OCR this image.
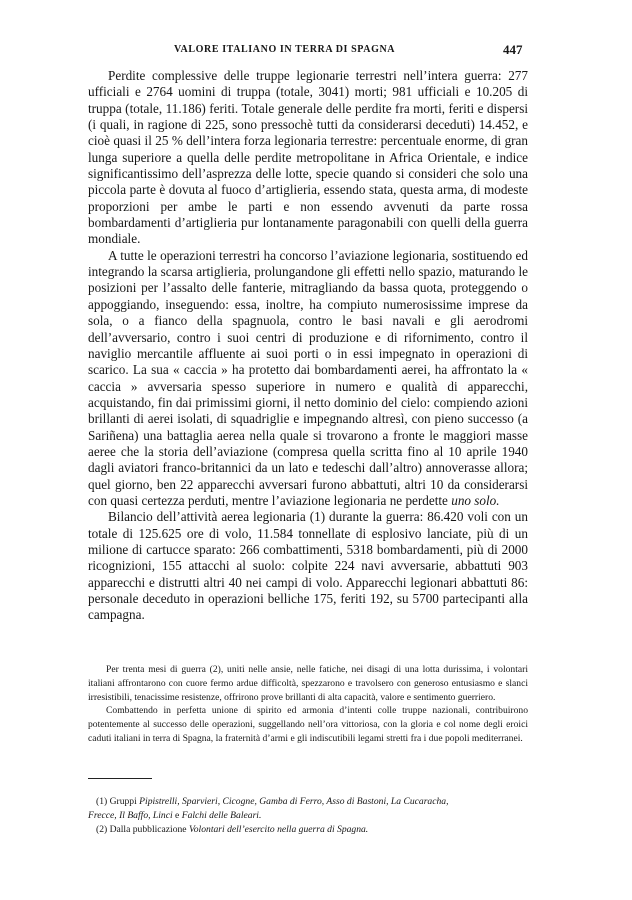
VALORE ITALIANO IN TERRA DI SPAGNA	447

Perdite complessive delle truppe legionarie terrestri nell’intera guerra: 277 ufficiali e 2764 uomini di truppa (totale, 3041) morti; 981 ufficiali e 10.205 di truppa (totale, 11.186) feriti. Totale generale delle perdite fra morti, feriti e dispersi (i quali, in ragione di 225, sono pressochè tutti da considerarsi deceduti) 14.452, e cioè quasi il 25 % dell’intera forza legionaria terrestre: percentuale enorme, di gran lunga superiore a quella delle perdite metropolitane in Africa Orientale, e indice significantissimo dell’asprezza delle lotte, specie quando si consideri che solo una piccola parte è dovuta al fuoco d’artiglieria, essendo stata, questa arma, di modeste proporzioni per ambe le parti e non essendo avvenuti da parte rossa bombardamenti d’artiglieria pur lontanamente paragonabili con quelli della guerra mondiale.

A tutte le operazioni terrestri ha concorso l’aviazione legionaria, sostituendo ed integrando la scarsa artiglieria, prolungandone gli effetti nello spazio, maturando le posizioni per l’assalto delle fanterie, mitragliando da bassa quota, proteggendo o appoggiando, inseguendo: essa, inoltre, ha compiuto numerosissime imprese da sola, o a fianco della spagnuola, contro le basi navali e gli aerodromi dell’avversario, contro i suoi centri di produzione e di rifornimento, contro il naviglio mercantile affluente ai suoi porti o in essi impegnato in operazioni di scarico. La sua « caccia » ha protetto dai bombardamenti aerei, ha affrontato la « caccia » avversaria spesso superiore in numero e qualità di apparecchi, acquistando, fin dai primissimi giorni, il netto dominio del cielo: compiendo azioni brillanti di aerei isolati, di squadriglie e impegnando altresì, con pieno successo (a Sariñena) una battaglia aerea nella quale si trovarono a fronte le maggiori masse aeree che la storia dell’aviazione (compresa quella scritta fino al 10 aprile 1940 dagli aviatori franco-britannici da un lato e tedeschi dall’altro) annoverasse allora; quel giorno, ben 22 apparecchi avversari furono abbattuti, altri 10 da considerarsi con quasi certezza perduti, mentre l’aviazione legionaria ne perdette uno solo.

Bilancio dell’attività aerea legionaria (1) durante la guerra: 86.420 voli con un totale di 125.625 ore di volo, 11.584 tonnellate di esplosivo lanciate, più di un milione di cartucce sparato: 266 combattimenti, 5318 bombardamenti, più di 2000 ricognizioni, 155 attacchi al suolo: colpite 224 navi avversarie, abbattuti 903 apparecchi e distrutti altri 40 nei campi di volo. Apparecchi legionari abbattuti 86: personale deceduto in operazioni belliche 175, feriti 192, su 5700 partecipanti alla campagna.

Per trenta mesi di guerra (2), uniti nelle ansie, nelle fatiche, nei disagi di una lotta durissima, i volontari italiani affrontarono con cuore fermo ardue difficoltà, spezzarono e travolsero con generoso entusiasmo e slanci irresistibili, tenacissime resistenze, offrirono prove brillanti di alta capacità, valore e sentimento guerriero.

Combattendo in perfetta unione di spirito ed armonia d’intenti colle truppe nazionali, contribuirono potentemente al successo delle operazioni, suggellando nell’ora vittoriosa, con la gloria e col nome degli eroici caduti italiani in terra di Spagna, la fraternità d’armi e gli indiscutibili legami stretti fra i due popoli mediterranei.

(1) Gruppi Pipistrelli, Sparvieri, Cicogne, Gamba di Ferro, Asso di Bastoni, La Cucaracha,

Frecce, Il Baffo, Linci e Falchi delle Baleari.

(2) Dalla pubblicazione Volontari dell’esercito nella guerra di Spagna.
